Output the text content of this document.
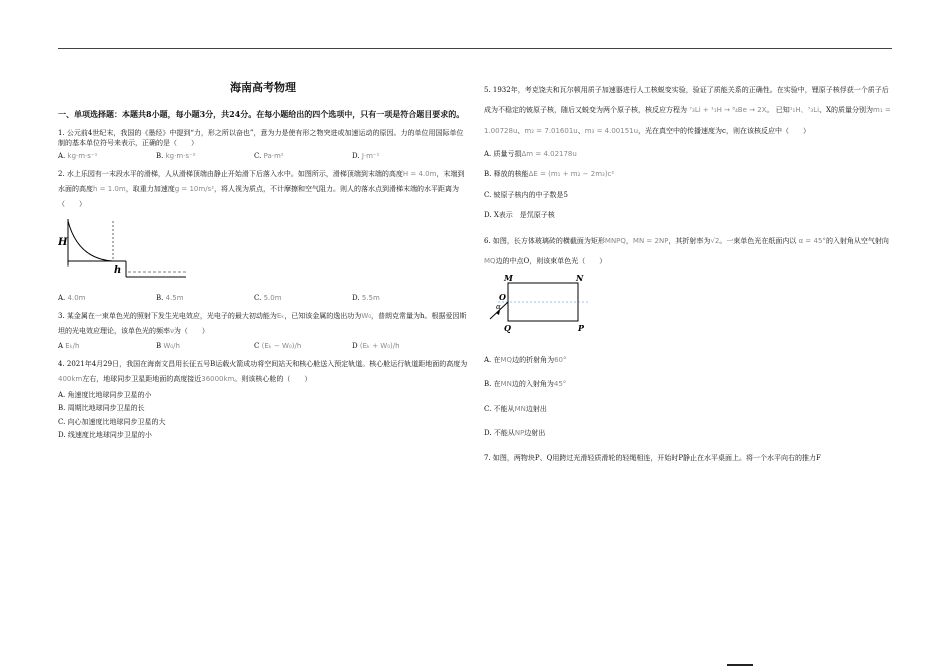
海南高考物理
一、单项选择题：本题共8小题，每小题3分，共24分。在每小题给出的四个选项中，只有一项是符合题目要求的。
1. 公元前4世纪末，我国的《墨经》中提到“力，形之所以奋也”，意为力是使有形之物突进或加速运动的原因。力的单位用国际单位制的基本单位符号来表示，正确的是（　　）
A. kg·m·s⁻¹	B. kg·m·s⁻²	C. Pa·m²	D. J·m⁻¹
2. 水上乐园有一末段水平的滑梯，人从滑梯顶端由静止开始滑下后落入水中。如图所示，滑梯顶端到末端的高度H = 4.0m，末端到水面的高度h = 1.0m，取重力加速度g = 10m/s²，将人视为质点，不计摩擦和空气阻力。则人的落水点到滑梯末端的水平距离为（　　）
H
h
A. 4.0m	B. 4.5m	C. 5.0m	D. 5.5m
3. 某金属在一束单色光的照射下发生光电效应，光电子的最大初动能为Eₖ，已知该金属的逸出功为W₀，普朗克常量为h。根据爱因斯坦的光电效应理论，该单色光的频率ν为（　　）
A Eₖ/h	B W₀/h	C (Eₖ − W₀)/h	D (Eₖ + W₀)/h
4. 2021年4月29日，我国在海南文昌用长征五号B运载火箭成功将空间站天和核心舱送入预定轨道。核心舱运行轨道距地面的高度为400km左右，地球同步卫星距地面的高度接近36000km。则该核心舱的（　　）
A. 角速度比地球同步卫星的小
B. 周期比地球同步卫星的长
C. 向心加速度比地球同步卫星的大
D. 线速度比地球同步卫星的小
5. 1932年，考克饶夫和瓦尔顿用质子加速器进行人工核蜕变实验，验证了质能关系的正确性。在实验中，锂原子核俘获一个质子后成为不稳定的铍原子核，随后又蜕变为两个原子核，核反应方程为 ⁷₃Li + ¹₁H → ⁸₄Be → 2X。 已知¹₁H、⁷₃Li、X的质量分别为m₁ = 1.00728u、m₂ = 7.01601u、m₃ = 4.00151u，光在真空中的传播速度为c，则在该核反应中（　　）
A. 质量亏损Δm = 4.02178u
B. 释放的核能ΔE = (m₁ + m₂ − 2m₃)c²
C. 铍原子核内的中子数是5
D. X表示　是氘原子核
6. 如图，长方体玻璃砖的横截面为矩形MNPQ，MN = 2NP，其折射率为√2。一束单色光在纸面内以 α = 45°的入射角从空气射向MQ边的中点O，则该束单色光（　　）
M	N
Q	P
O
α
A. 在MQ边的折射角为60°
B. 在MN边的入射角为45°
C. 不能从MN边射出
D. 不能从NP边射出
7. 如图，两物块P、Q用跨过光滑轻质滑轮的轻绳相连，开始时P静止在水平桌面上。将一个水平向右的推力F
